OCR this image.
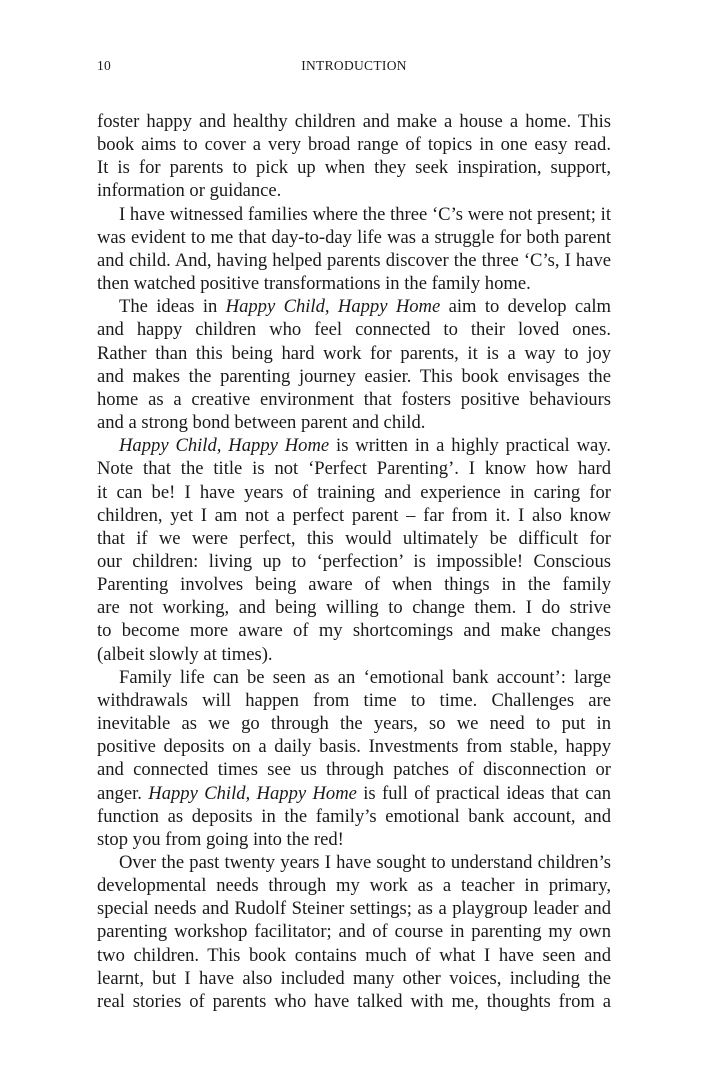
10	INTRODUCTION
foster happy and healthy children and make a house a home. This
book aims to cover a very broad range of topics in one easy read.
It is for parents to pick up when they seek inspiration, support,
information or guidance.
I have witnessed families where the three ‘C’s were not present; it
was evident to me that day-to-day life was a struggle for both parent
and child. And, having helped parents discover the three ‘C’s, I have
then watched positive transformations in the family home.
The ideas in Happy Child, Happy Home aim to develop calm
and happy children who feel connected to their loved ones.
Rather than this being hard work for parents, it is a way to joy
and makes the parenting journey easier. This book envisages the
home as a creative environment that fosters positive behaviours
and a strong bond between parent and child.
Happy Child, Happy Home is written in a highly practical way.
Note that the title is not ‘Perfect Parenting’. I know how hard
it can be! I have years of training and experience in caring for
children, yet I am not a perfect parent – far from it. I also know
that if we were perfect, this would ultimately be difficult for
our children: living up to ‘perfection’ is impossible! Conscious
Parenting involves being aware of when things in the family
are not working, and being willing to change them. I do strive
to become more aware of my shortcomings and make changes
(albeit slowly at times).
Family life can be seen as an ‘emotional bank account’: large
withdrawals will happen from time to time. Challenges are
inevitable as we go through the years, so we need to put in
positive deposits on a daily basis. Investments from stable, happy
and connected times see us through patches of disconnection or
anger. Happy Child, Happy Home is full of practical ideas that can
function as deposits in the family’s emotional bank account, and
stop you from going into the red!
Over the past twenty years I have sought to understand children’s
developmental needs through my work as a teacher in primary,
special needs and Rudolf Steiner settings; as a playgroup leader and
parenting workshop facilitator; and of course in parenting my own
two children. This book contains much of what I have seen and
learnt, but I have also included many other voices, including the
real stories of parents who have talked with me, thoughts from a
